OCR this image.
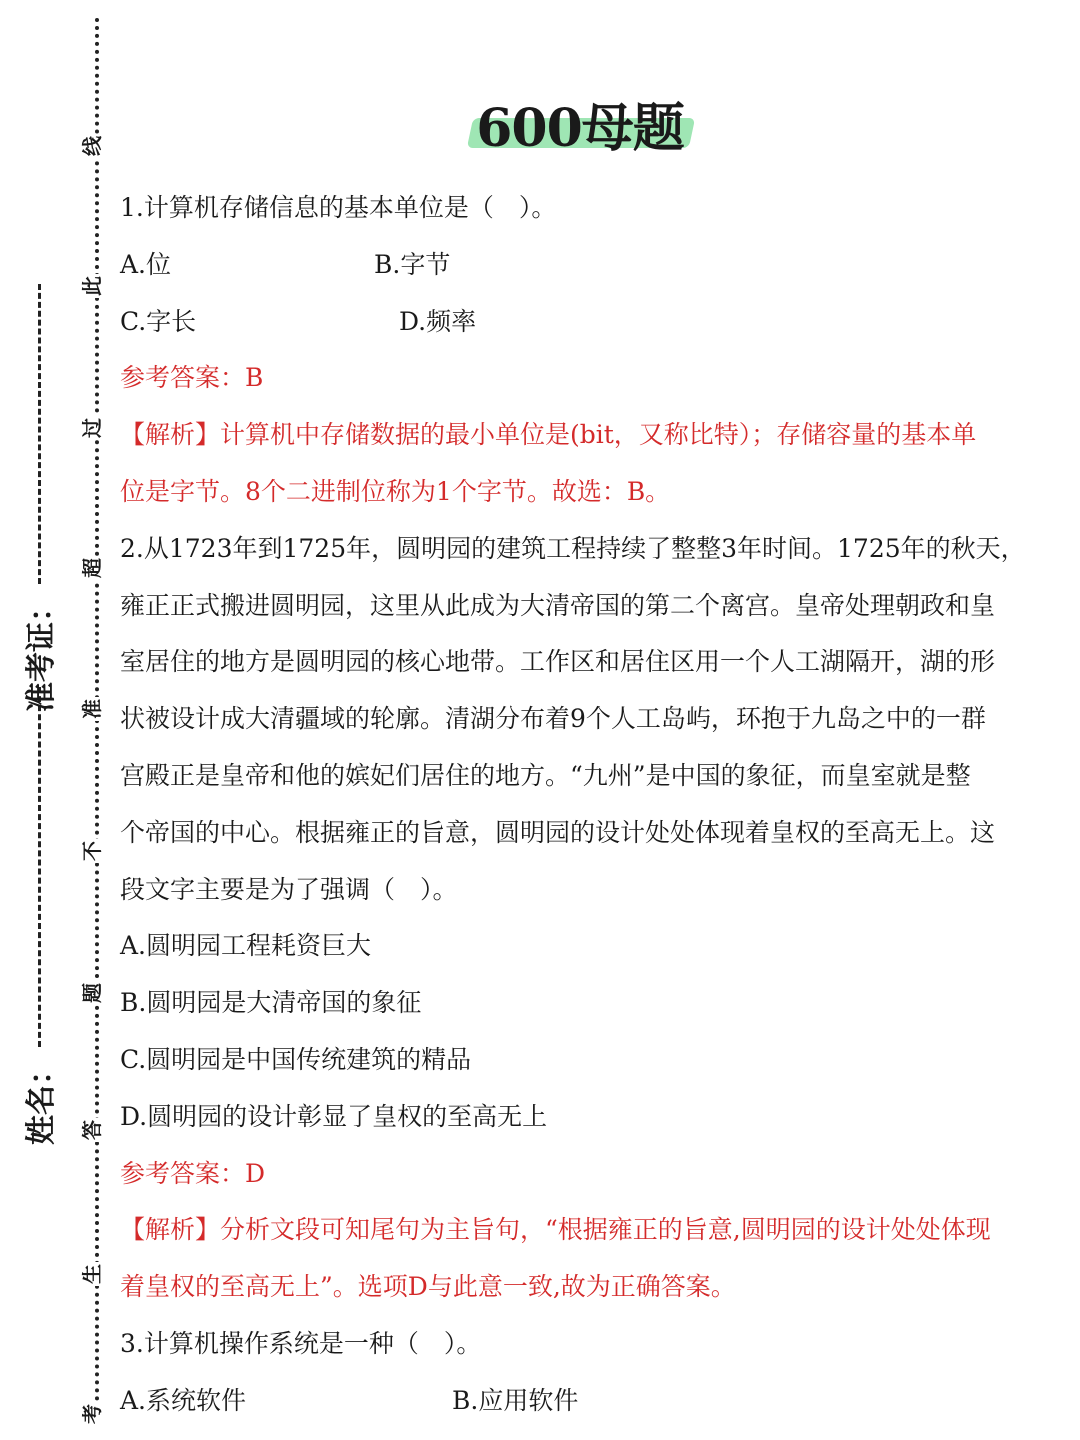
线
此
过
超
准
不
题
答
生
考
姓名：
准考证：
600母题
1.计算机存储信息的基本单位是（　）。
A.位	B.字节
C.字长	D.频率
参考答案：B
【解析】计算机中存储数据的最小单位是(bit，又称比特）；存储容量的基本单
位是字节。8个二进制位称为1个字节。故选：B。
2.从1723年到1725年，圆明园的建筑工程持续了整整3年时间。1725年的秋天，
雍正正式搬进圆明园，这里从此成为大清帝国的第二个离宫。皇帝处理朝政和皇
室居住的地方是圆明园的核心地带。工作区和居住区用一个人工湖隔开，湖的形
状被设计成大清疆域的轮廓。清湖分布着9个人工岛屿，环抱于九岛之中的一群
宫殿正是皇帝和他的嫔妃们居住的地方。“九州”是中国的象征，而皇室就是整
个帝国的中心。根据雍正的旨意，圆明园的设计处处体现着皇权的至高无上。这
段文字主要是为了强调（　）。
A.圆明园工程耗资巨大
B.圆明园是大清帝国的象征
C.圆明园是中国传统建筑的精品
D.圆明园的设计彰显了皇权的至高无上
参考答案：D
【解析】分析文段可知尾句为主旨句，“根据雍正的旨意,圆明园的设计处处体现
着皇权的至高无上”。选项D与此意一致,故为正确答案。
3.计算机操作系统是一种（　）。
A.系统软件	B.应用软件
